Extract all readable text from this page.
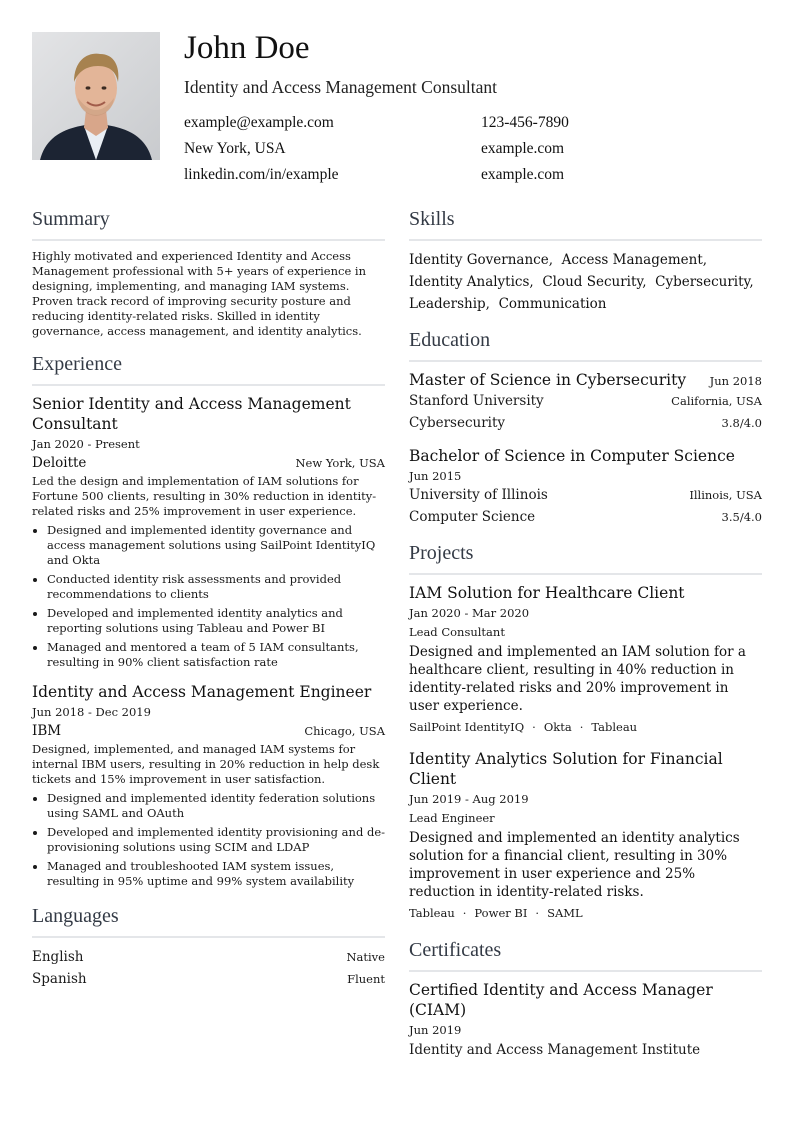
John Doe
Identity and Access Management Consultant
example@example.com	123-456-7890
New York, USA	example.com
linkedin.com/in/example	example.com
Summary
Highly motivated and experienced Identity and Access Management professional with 5+ years of experience in designing, implementing, and managing IAM systems. Proven track record of improving security posture and reducing identity-related risks. Skilled in identity governance, access management, and identity analytics.
Experience
Senior Identity and Access Management Consultant
Jan 2020 - Present
Deloitte	New York, USA
Led the design and implementation of IAM solutions for Fortune 500 clients, resulting in 30% reduction in identity-related risks and 25% improvement in user experience.
• Designed and implemented identity governance and access management solutions using SailPoint IdentityIQ and Okta
• Conducted identity risk assessments and provided recommendations to clients
• Developed and implemented identity analytics and reporting solutions using Tableau and Power BI
• Managed and mentored a team of 5 IAM consultants, resulting in 90% client satisfaction rate
Identity and Access Management Engineer
Jun 2018 - Dec 2019
IBM	Chicago, USA
Designed, implemented, and managed IAM systems for internal IBM users, resulting in 20% reduction in help desk tickets and 15% improvement in user satisfaction.
• Designed and implemented identity federation solutions using SAML and OAuth
• Developed and implemented identity provisioning and de-provisioning solutions using SCIM and LDAP
• Managed and troubleshooted IAM system issues, resulting in 95% uptime and 99% system availability
Languages
English	Native
Spanish	Fluent
Skills
Identity Governance, Access Management, Identity Analytics, Cloud Security, Cybersecurity, Leadership, Communication
Education
Master of Science in Cybersecurity Jun 2018
Stanford University	California, USA
Cybersecurity	3.8/4.0
Bachelor of Science in Computer Science
Jun 2015
University of Illinois	Illinois, USA
Computer Science	3.5/4.0
Projects
IAM Solution for Healthcare Client
Jan 2020 - Mar 2020
Lead Consultant
Designed and implemented an IAM solution for a healthcare client, resulting in 40% reduction in identity-related risks and 20% improvement in user experience.
SailPoint IdentityIQ · Okta · Tableau
Identity Analytics Solution for Financial Client
Jun 2019 - Aug 2019
Lead Engineer
Designed and implemented an identity analytics solution for a financial client, resulting in 30% improvement in user experience and 25% reduction in identity-related risks.
Tableau · Power BI · SAML
Certificates
Certified Identity and Access Manager (CIAM)
Jun 2019
Identity and Access Management Institute
